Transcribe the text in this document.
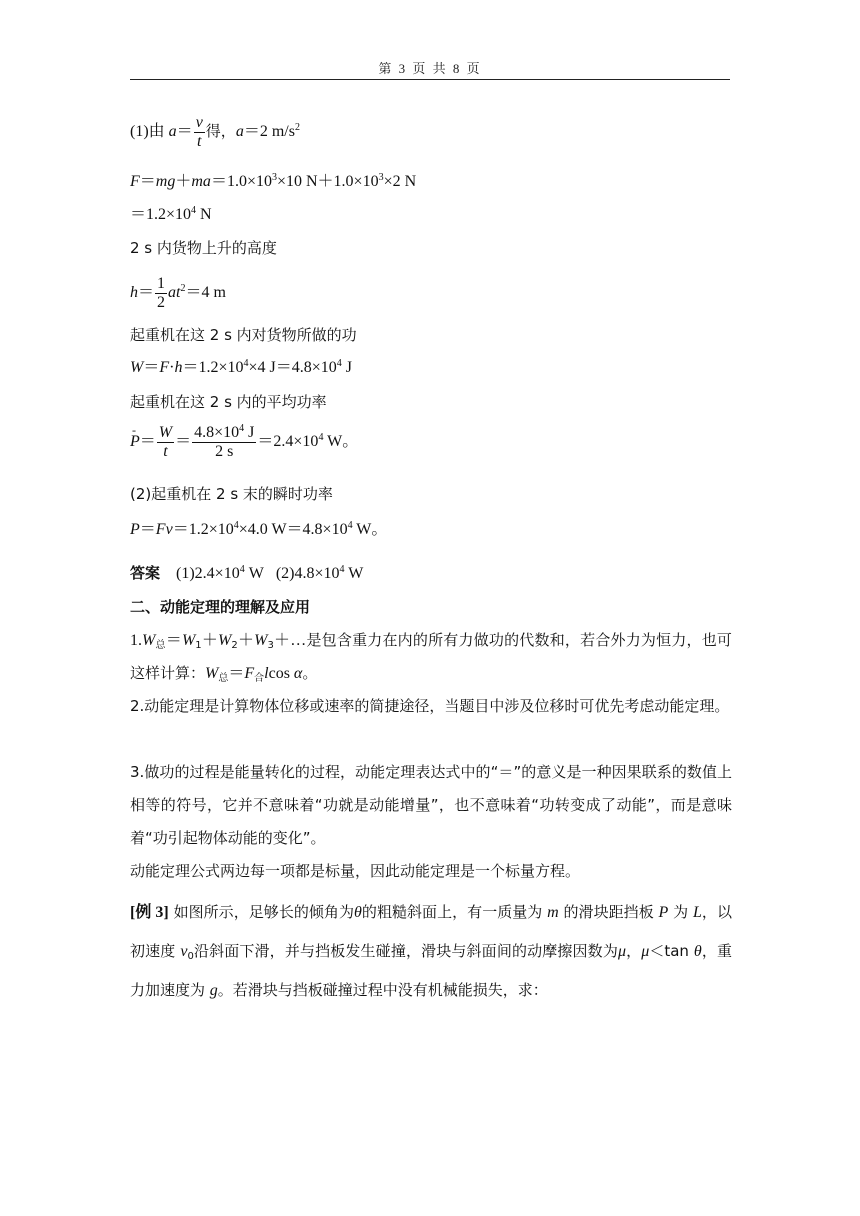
第 3 页 共 8 页
(1)由 $a= \frac{v}{t}$ 得，a＝2 $m/s^2$
$F=mg+ma=1.0\times 10^3\times 10$ $N+1.0\times 10^3\times 2$ N
$=1.2\times 10^4$ N
2 s 内货物上升的高度
$h= \frac{1}{2} at^2=4$ m
起重机在这 2 s 内对货物所做的功
$W=F\cdot h=1.2\times 10^4\times 4$ $J=4.8\times 10^4$ J
起重机在这 2 s 内的平均功率
-
$P= \frac{W}{t} = \frac{4.8\times 10^4 J}{2 s} =2.4\times 10^4$ W。
(2)起重机在 2 s 末的瞬时功率
$P=Fv=1.2\times 10^4\times 4.0$ $W=4.8\times 10^4$ W。
答案 $(1)2.4\times 10^4$ W $(2)4.8\times 10^4$ W
二、动能定理的理解及应用
$1.W_总=W_1+W_2+W_3+\dots$是包含重力在内的所有力做功的代数和，若合外力为恒力，也可这样计算：$W_总=F_合lcos$ α。
2.动能定理是计算物体位移或速率的简捷途径，当题目中涉及位移时可优先考虑动能定理。
3.做功的过程是能量转化的过程，动能定理表达式中的“＝”的意义是一种因果联系的数值上相等的符号，它并不意味着“功就是动能增量”，也不意味着“功转变成了动能”，而是意味着“功引起物体动能的变化”。
动能定理公式两边每一项都是标量，因此动能定理是一个标量方程。
[例 3] 如图所示，足够长的倾角为θ的粗糙斜面上，有一质量为 m 的滑块距挡板 P 为 L，以初速度 $v_0$沿斜面下滑，并与挡板发生碰撞，滑块与斜面间的动摩擦因数为μ，μ＜tan θ，重力加速度为 g。若滑块与挡板碰撞过程中没有机械能损失，求：
